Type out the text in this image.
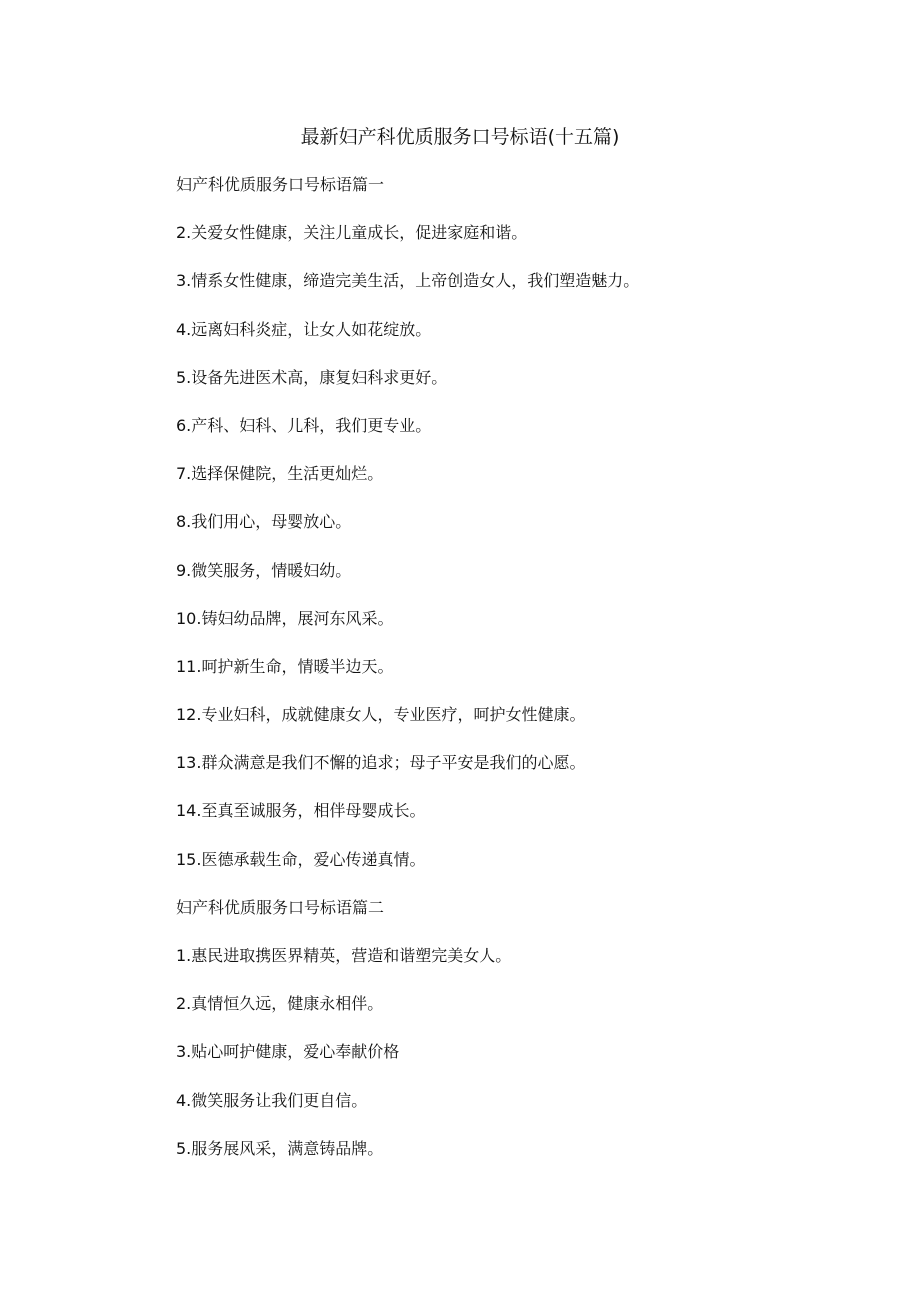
最新妇产科优质服务口号标语(十五篇)
妇产科优质服务口号标语篇一
2.关爱女性健康，关注儿童成长，促进家庭和谐。
3.情系女性健康，缔造完美生活，上帝创造女人，我们塑造魅力。
4.远离妇科炎症，让女人如花绽放。
5.设备先进医术高，康复妇科求更好。
6.产科、妇科、儿科，我们更专业。
7.选择保健院，生活更灿烂。
8.我们用心，母婴放心。
9.微笑服务，情暖妇幼。
10.铸妇幼品牌，展河东风采。
11.呵护新生命，情暖半边天。
12.专业妇科，成就健康女人，专业医疗，呵护女性健康。
13.群众满意是我们不懈的追求；母子平安是我们的心愿。
14.至真至诚服务，相伴母婴成长。
15.医德承载生命，爱心传递真情。
妇产科优质服务口号标语篇二
1.惠民进取携医界精英，营造和谐塑完美女人。
2.真情恒久远，健康永相伴。
3.贴心呵护健康，爱心奉献价格
4.微笑服务让我们更自信。
5.服务展风采，满意铸品牌。
